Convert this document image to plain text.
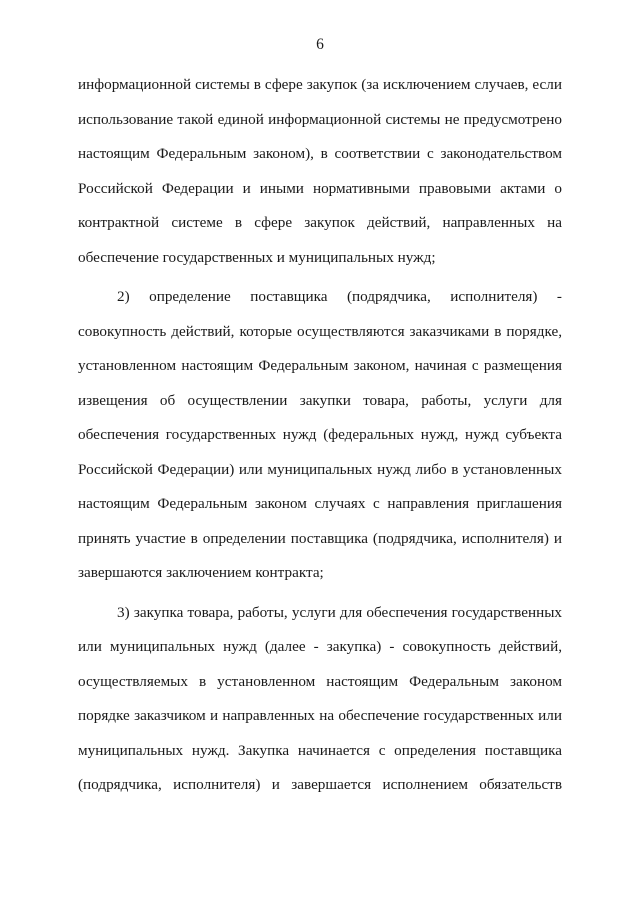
6
информационной системы в сфере закупок (за исключением случаев, если
использование такой единой информационной системы не предусмотрено
настоящим Федеральным законом), в соответствии с законодательством
Российской Федерации и иными нормативными правовыми актами о
контрактной системе в сфере закупок действий, направленных на
обеспечение государственных и муниципальных нужд;
2) определение поставщика (подрядчика, исполнителя) -
совокупность действий, которые осуществляются заказчиками в порядке,
установленном настоящим Федеральным законом, начиная с размещения
извещения об осуществлении закупки товара, работы, услуги для
обеспечения государственных нужд (федеральных нужд, нужд субъекта
Российской Федерации) или муниципальных нужд либо в установленных
настоящим Федеральным законом случаях с направления приглашения
принять участие в определении поставщика (подрядчика, исполнителя) и
завершаются заключением контракта;
3) закупка товара, работы, услуги для обеспечения государственных
или муниципальных нужд (далее - закупка) - совокупность действий,
осуществляемых в установленном настоящим Федеральным законом
порядке заказчиком и направленных на обеспечение государственных или
муниципальных нужд. Закупка начинается с определения поставщика
(подрядчика, исполнителя) и завершается исполнением обязательств
